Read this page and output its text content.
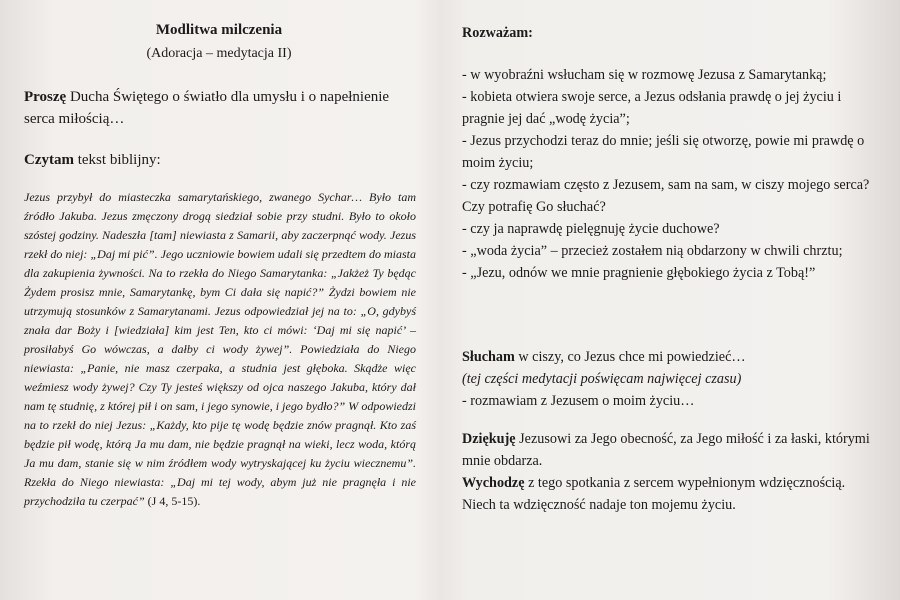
Modlitwa milczenia
(Adoracja – medytacja II)
Proszę Ducha Świętego o światło dla umysłu i o napełnienie serca miłością…
Czytam tekst biblijny:
Jezus przybył do miasteczka samarytańskiego, zwanego Sychar… Było tam źródło Jakuba. Jezus zmęczony drogą siedział sobie przy studni. Było to około szóstej godziny. Nadeszła [tam] niewiasta z Samarii, aby zaczerpnąć wody. Jezus rzekł do niej: „Daj mi pić”. Jego uczniowie bowiem udali się przedtem do miasta dla zakupienia żywności. Na to rzekła do Niego Samarytanka: „Jakżeż Ty będąc Żydem prosisz mnie, Samarytankę, bym Ci dała się napić?” Żydzi bowiem nie utrzymują stosunków z Samarytanami. Jezus odpowiedział jej na to: „O, gdybyś znała dar Boży i [wiedziała] kim jest Ten, kto ci mówi: ‘Daj mi się napić’ – prosiłabyś Go wówczas, a dałby ci wody żywej”. Powiedziała do Niego niewiasta: „Panie, nie masz czerpaka, a studnia jest głęboka. Skądże więc weźmiesz wody żywej? Czy Ty jesteś większy od ojca naszego Jakuba, który dał nam tę studnię, z której pił i on sam, i jego synowie, i jego bydło?” W odpowiedzi na to rzekł do niej Jezus: „Każdy, kto pije tę wodę będzie znów pragnął. Kto zaś będzie pił wodę, którą Ja mu dam, nie będzie pragnął na wieki, lecz woda, którą Ja mu dam, stanie się w nim źródłem wody wytryskającej ku życiu wiecznemu”. Rzekła do Niego niewiasta: „Daj mi tej wody, abym już nie pragnęła i nie przychodziła tu czerpać” (J 4, 5-15).
Rozważam:
- w wyobraźni wsłucham się w rozmowę Jezusa z Samarytanką;
- kobieta otwiera swoje serce, a Jezus odsłania prawdę o jej życiu i pragnie jej dać „wodę życia”;
- Jezus przychodzi teraz do mnie; jeśli się otworzę, powie mi prawdę o moim życiu;
- czy rozmawiam często z Jezusem, sam na sam, w ciszy mojego serca? Czy potrafię Go słuchać?
- czy ja naprawdę pielęgnuję życie duchowe?
- „woda życia” – przecież zostałem nią obdarzony w chwili chrztu;
- „Jezu, odnów we mnie pragnienie głębokiego życia z Tobą!”
Słucham w ciszy, co Jezus chce mi powiedzieć…
(tej części medytacji poświęcam najwięcej czasu)
- rozmawiam z Jezusem o moim życiu…
Dziękuję Jezusowi za Jego obecność, za Jego miłość i za łaski, którymi mnie obdarza.
Wychodzę z tego spotkania z sercem wypełnionym wdzięcznością.
Niech ta wdzięczność nadaje ton mojemu życiu.
